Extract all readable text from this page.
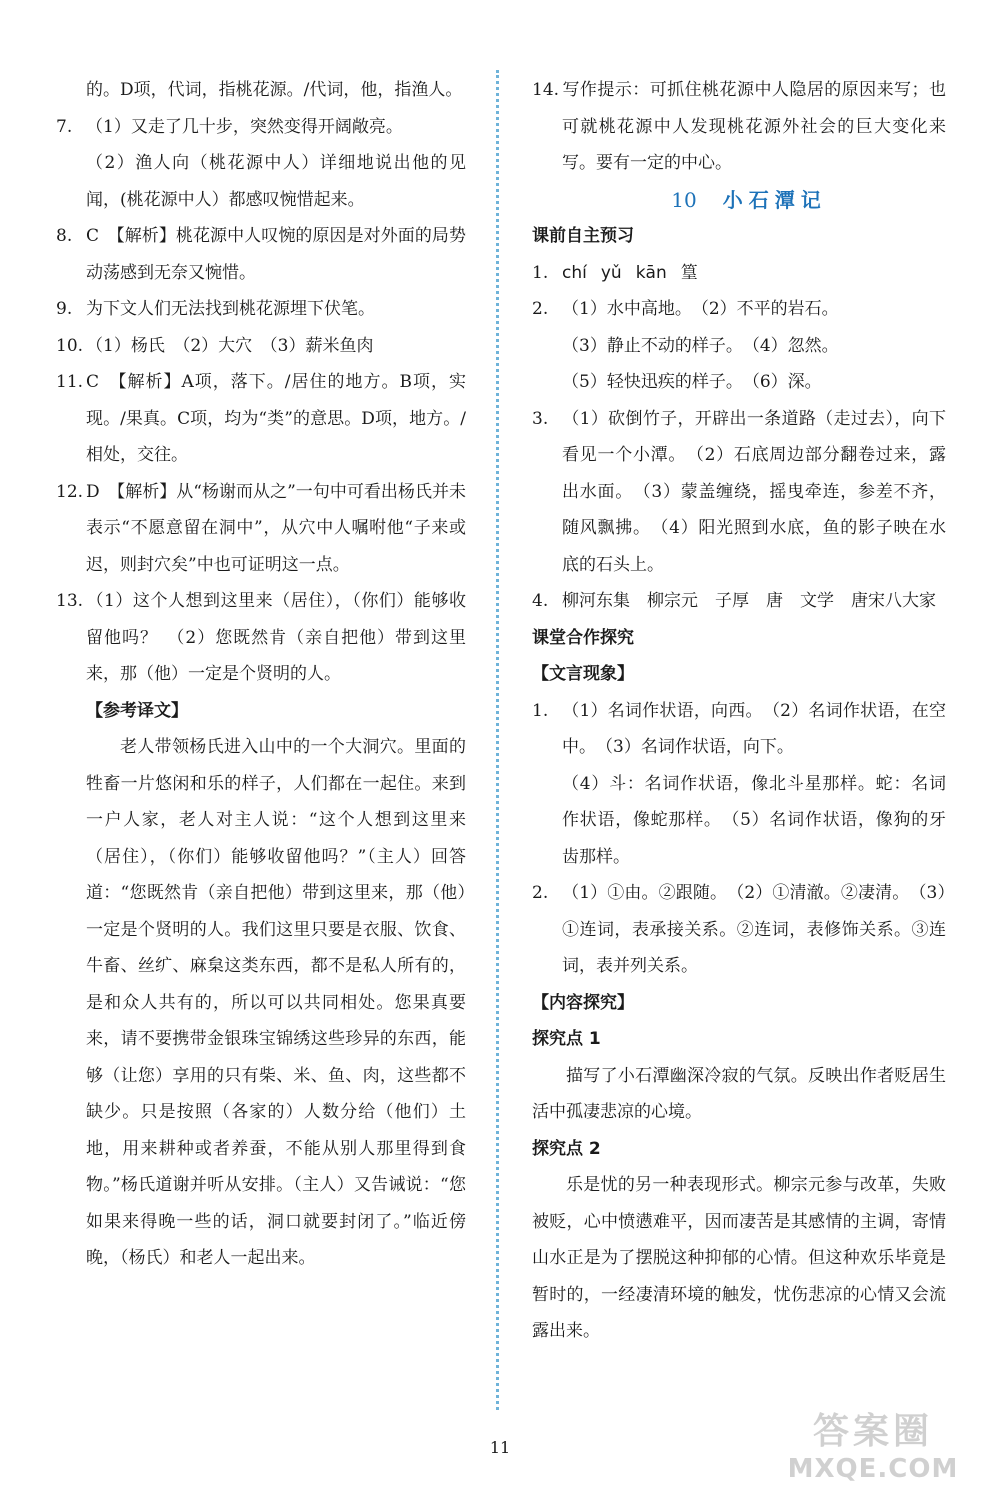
的。D项，代词，指桃花源。/代词，他，指渔人。
7. （1）又走了几十步，突然变得开阔敞亮。
（2）渔人向（桃花源中人）详细地说出他的见闻，(桃花源中人）都感叹惋惜起来。
8. C　【解析】桃花源中人叹惋的原因是对外面的局势动荡感到无奈又惋惜。
9. 为下文人们无法找到桃花源埋下伏笔。
10. （1）杨氏　（2）大穴　（3）薪米鱼肉
11. C　【解析】A项，落下。/居住的地方。B项，实现。/果真。C项，均为“类”的意思。D项，地方。/相处，交往。
12. D　【解析】从“杨谢而从之”一句中可看出杨氏并未表示“不愿意留在洞中”，从穴中人嘱咐他“子来或迟，则封穴矣”中也可证明这一点。
13. （1）这个人想到这里来（居住），（你们）能够收留他吗？　（2）您既然肯（亲自把他）带到这里来，那（他）一定是个贤明的人。
【参考译文】
老人带领杨氏进入山中的一个大洞穴。里面的牲畜一片悠闲和乐的样子，人们都在一起住。来到一户人家，老人对主人说：“这个人想到这里来（居住），（你们）能够收留他吗？”（主人）回答道：“您既然肯（亲自把他）带到这里来，那（他）一定是个贤明的人。我们这里只要是衣服、饮食、牛畜、丝纩、麻枲这类东西，都不是私人所有的，是和众人共有的，所以可以共同相处。您果真要来，请不要携带金银珠宝锦绣这些珍异的东西，能够（让您）享用的只有柴、米、鱼、肉，这些都不缺少。只是按照（各家的）人数分给（他们）土地，用来耕种或者养蚕，不能从别人那里得到食物。”杨氏道谢并听从安排。（主人）又告诫说：“您如果来得晚一些的话，洞口就要封闭了。”临近傍晚，（杨氏）和老人一起出来。
14. 写作提示：可抓住桃花源中人隐居的原因来写；也可就桃花源中人发现桃花源外社会的巨大变化来写。要有一定的中心。
10 小石潭记
课前自主预习
1. chí yǔ kān 篁
2. （1）水中高地。　（2）不平的岩石。
（3）静止不动的样子。　（4）忽然。
（5）轻快迅疾的样子。　（6）深。
3. （1）砍倒竹子，开辟出一条道路（走过去），向下看见一个小潭。　（2）石底周边部分翻卷过来，露出水面。　（3）蒙盖缠绕，摇曳牵连，参差不齐，随风飘拂。　（4）阳光照到水底，鱼的影子映在水底的石头上。
4. 柳河东集　柳宗元　子厚　唐　文学　唐宋八大家
课堂合作探究
【文言现象】
1. （1）名词作状语，向西。　（2）名词作状语，在空中。　（3）名词作状语，向下。
（4）斗：名词作状语，像北斗星那样。蛇：名词作状语，像蛇那样。　（5）名词作状语，像狗的牙齿那样。
2. （1）①由。②跟随。　（2）①清澈。②凄清。　（3）①连词，表承接关系。②连词，表修饰关系。③连词，表并列关系。
【内容探究】
探究点 1
描写了小石潭幽深冷寂的气氛。反映出作者贬居生活中孤凄悲凉的心境。
探究点 2
乐是忧的另一种表现形式。柳宗元参与改革，失败被贬，心中愤懑难平，因而凄苦是其感情的主调，寄情山水正是为了摆脱这种抑郁的心情。但这种欢乐毕竟是暂时的，一经凄清环境的触发，忧伤悲凉的心情又会流露出来。
11	答案圈
MXQE.COM
